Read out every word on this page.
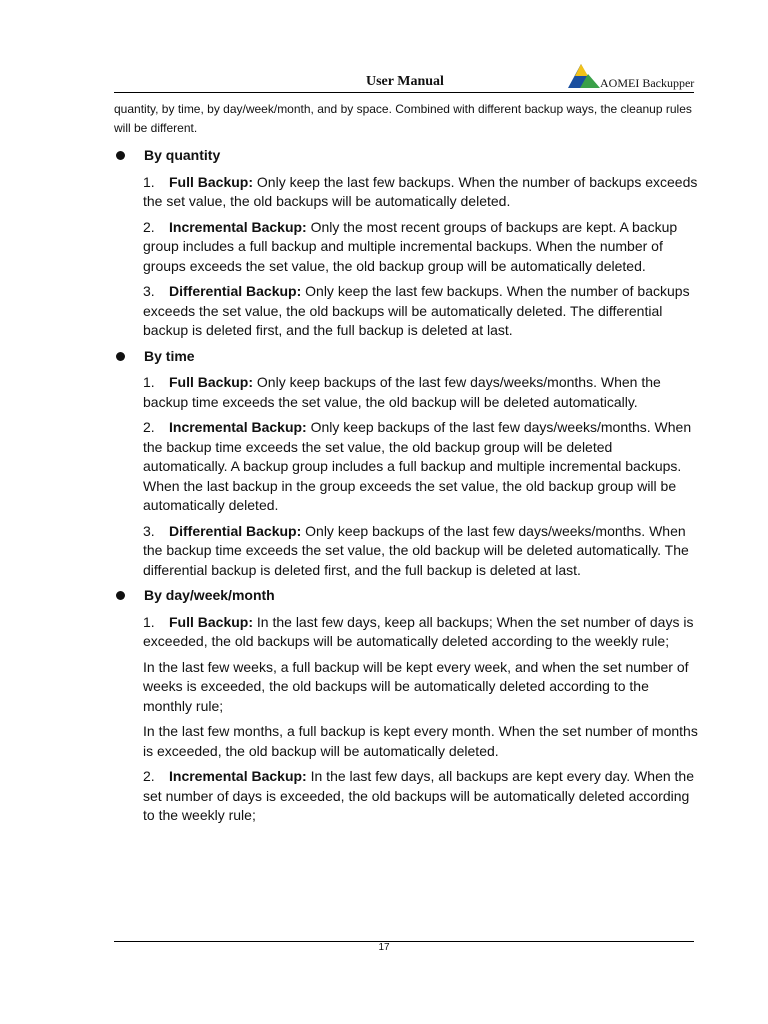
User Manual	AOMEI Backupper

quantity, by time, by day/week/month, and by space. Combined with different backup ways, the cleanup rules will be different.

By quantity
1. Full Backup: Only keep the last few backups. When the number of backups exceeds the set value, the old backups will be automatically deleted.
2. Incremental Backup: Only the most recent groups of backups are kept. A backup group includes a full backup and multiple incremental backups. When the number of groups exceeds the set value, the old backup group will be automatically deleted.
3. Differential Backup: Only keep the last few backups. When the number of backups exceeds the set value, the old backups will be automatically deleted. The differential backup is deleted first, and the full backup is deleted at last.
By time
1. Full Backup: Only keep backups of the last few days/weeks/months. When the backup time exceeds the set value, the old backup will be deleted automatically.
2. Incremental Backup: Only keep backups of the last few days/weeks/months. When the backup time exceeds the set value, the old backup group will be deleted automatically. A backup group includes a full backup and multiple incremental backups. When the last backup in the group exceeds the set value, the old backup group will be automatically deleted.
3. Differential Backup: Only keep backups of the last few days/weeks/months. When the backup time exceeds the set value, the old backup will be deleted automatically. The differential backup is deleted first, and the full backup is deleted at last.
By day/week/month
1. Full Backup: In the last few days, keep all backups; When the set number of days is exceeded, the old backups will be automatically deleted according to the weekly rule;
In the last few weeks, a full backup will be kept every week, and when the set number of weeks is exceeded, the old backups will be automatically deleted according to the monthly rule;
In the last few months, a full backup is kept every month. When the set number of months is exceeded, the old backup will be automatically deleted.
2. Incremental Backup: In the last few days, all backups are kept every day. When the set number of days is exceeded, the old backups will be automatically deleted according to the weekly rule;
17
